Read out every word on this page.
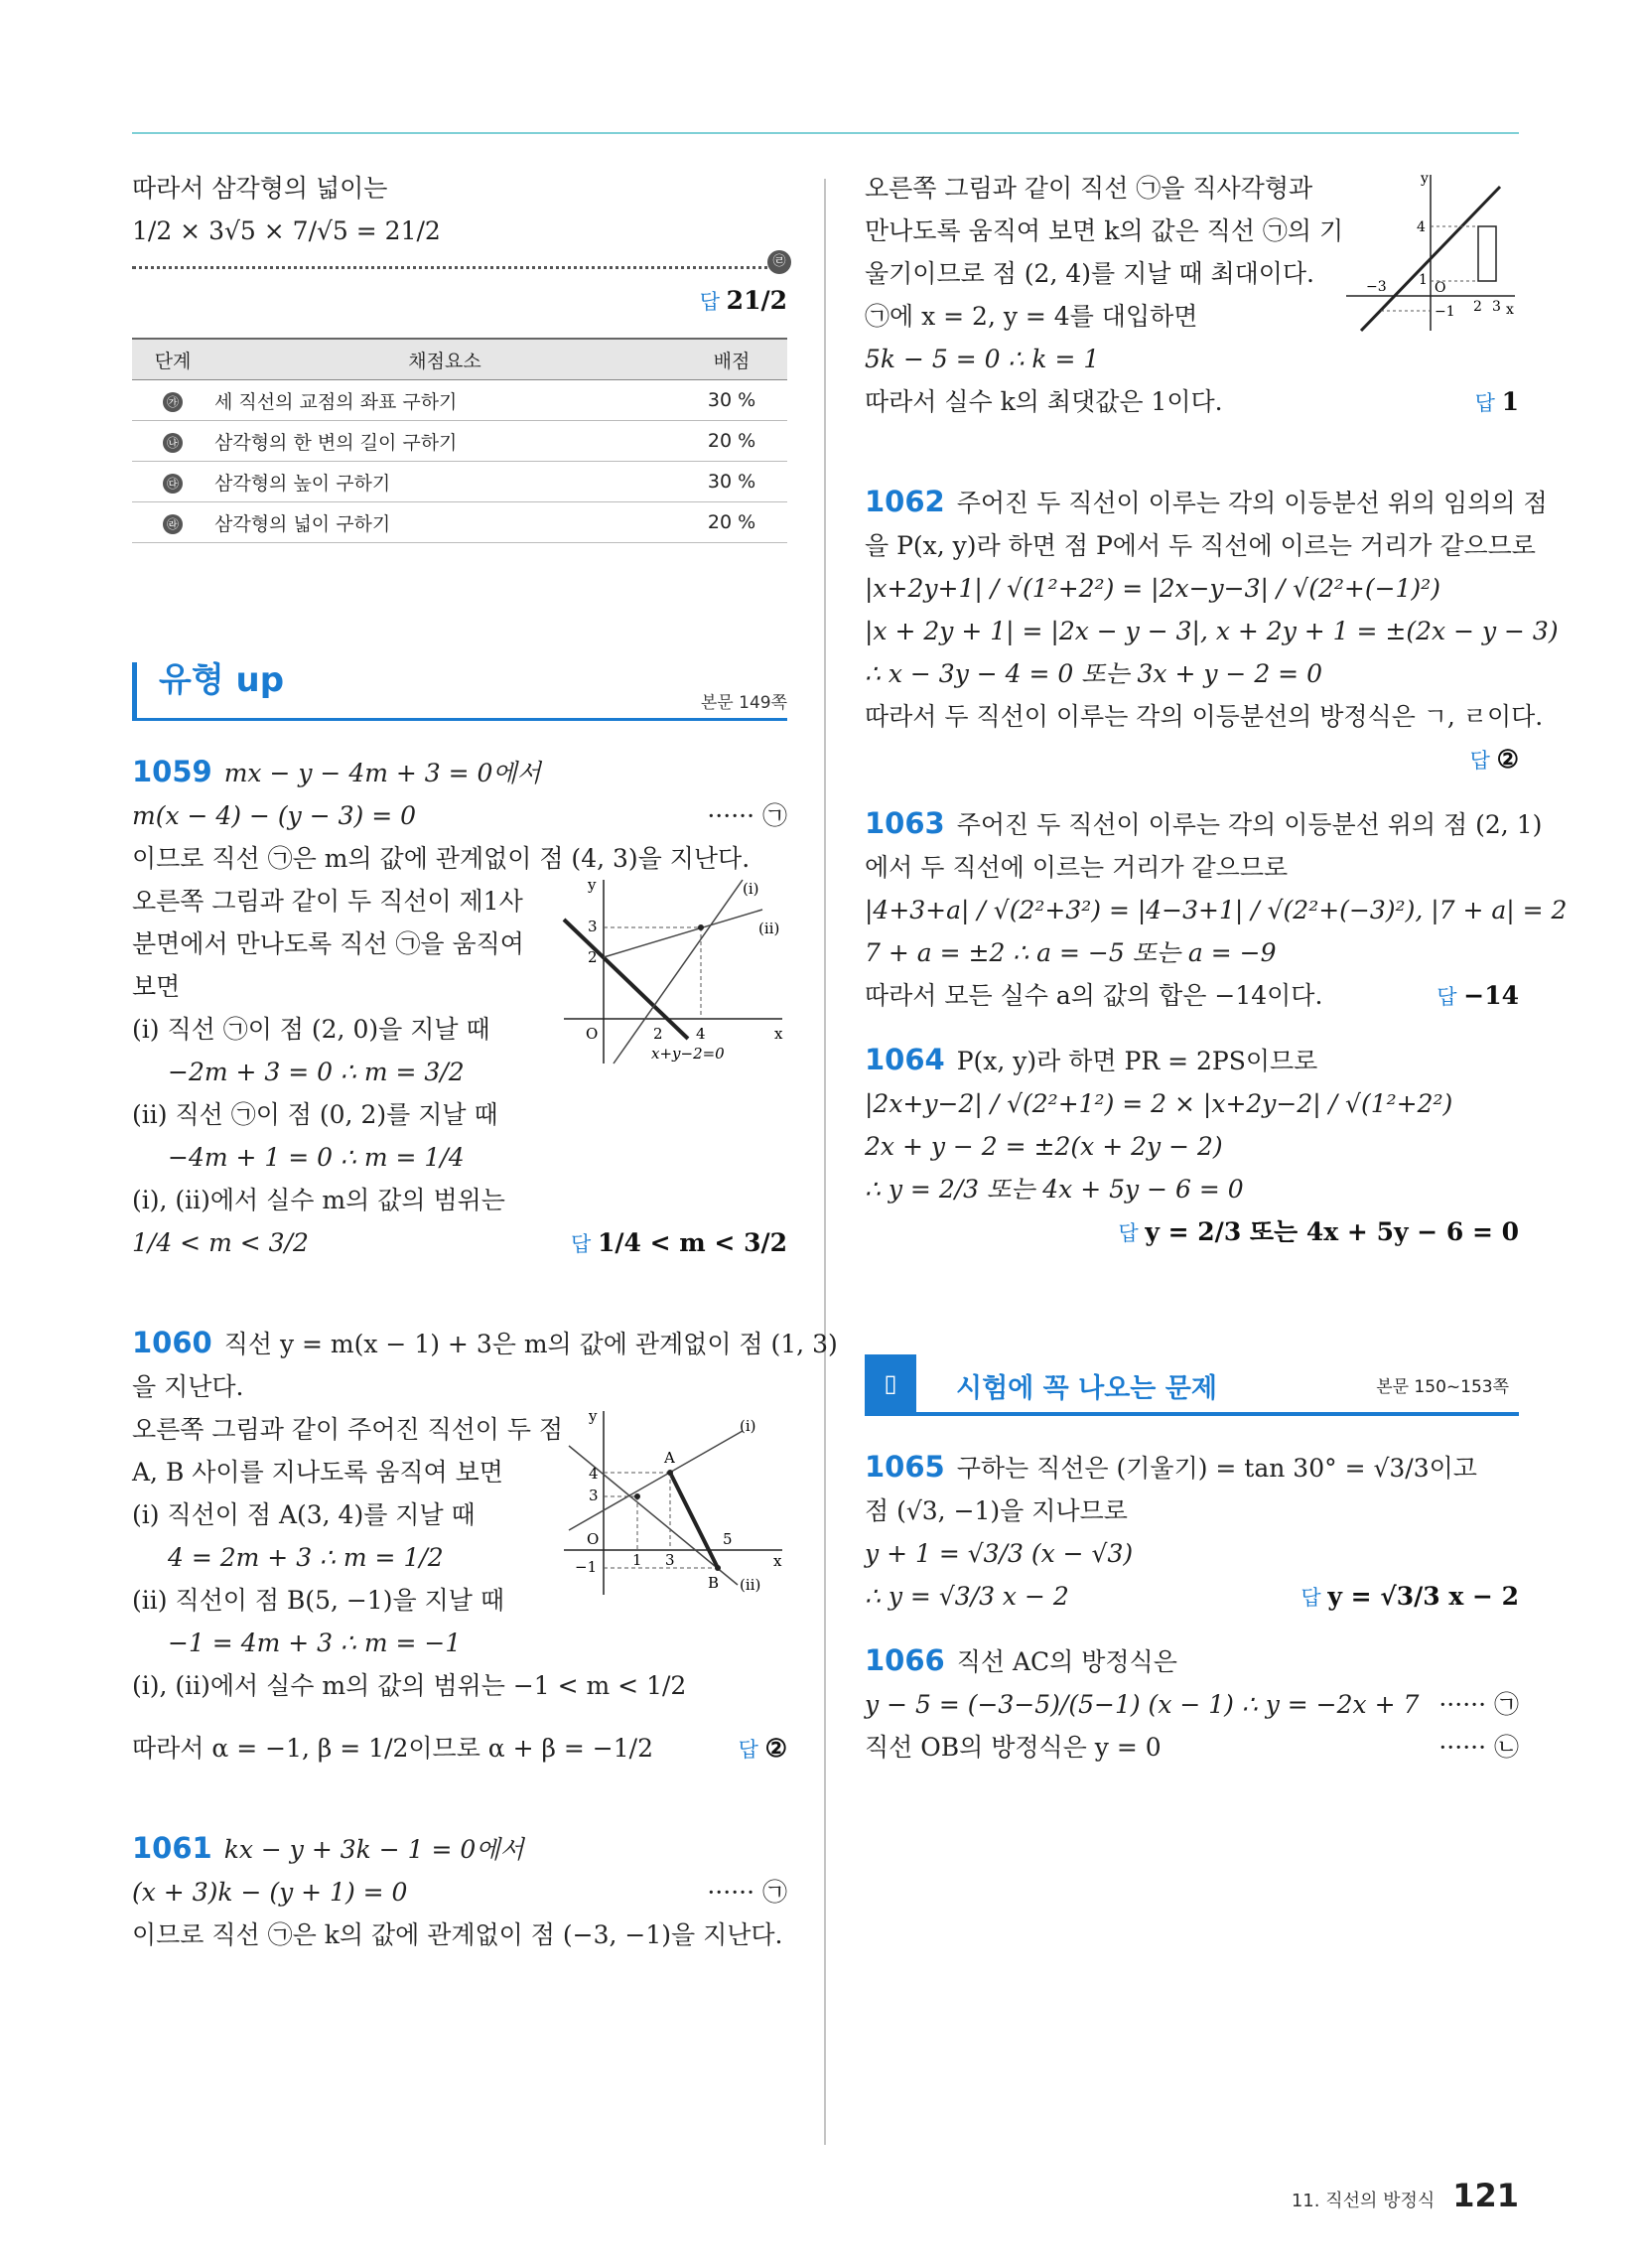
따라서 삼각형의 넓이는
1/2 × 3√5 × 7/√5 = 21/2
㉣
답 21/2
단계	채점요소	배점
㉮	세 직선의 교점의 좌표 구하기	30 %
㉯	삼각형의 한 변의 길이 구하기	20 %
㉰	삼각형의 높이 구하기	30 %
㉱	삼각형의 넓이 구하기	20 %
유형 up
본문 149쪽
1059 mx − y − 4m + 3 = 0에서
m(x − 4) − (y − 3) = 0	······ ㉠
이므로 직선 ㉠은 m의 값에 관계없이 점 (4, 3)을 지난다.
오른쪽 그림과 같이 두 직선이 제1사
분면에서 만나도록 직선 ㉠을 움직여
보면
(ⅰ) 직선 ㉠이 점 (2, 0)을 지날 때
−2m + 3 = 0 ∴ m = 3/2
(ⅱ) 직선 ㉠이 점 (0, 2)를 지날 때
−4m + 1 = 0 ∴ m = 1/4
(ⅰ), (ⅱ)에서 실수 m의 값의 범위는
1/4 < m < 3/2	답 1/4 < m < 3/2
y
x
O
2
3
2 4
(ⅰ)
(ⅱ)
x+y−2=0
1060 직선 y = m(x − 1) + 3은 m의 값에 관계없이 점 (1, 3)
을 지난다.
오른쪽 그림과 같이 주어진 직선이 두 점
A, B 사이를 지나도록 움직여 보면
(ⅰ) 직선이 점 A(3, 4)를 지날 때
4 = 2m + 3 ∴ m = 1/2
(ⅱ) 직선이 점 B(5, −1)을 지날 때
−1 = 4m + 3 ∴ m = −1
(ⅰ), (ⅱ)에서 실수 m의 값의 범위는 −1 < m < 1/2
따라서 α = −1, β = 1/2이므로 α + β = −1/2	답 ②
y
x
O
A
B
4
3
1 3
5
−1
(ⅰ)
(ⅱ)
1061 kx − y + 3k − 1 = 0에서
(x + 3)k − (y + 1) = 0	······ ㉠
이므로 직선 ㉠은 k의 값에 관계없이 점 (−3, −1)을 지난다.
오른쪽 그림과 같이 직선 ㉠을 직사각형과
만나도록 움직여 보면 k의 값은 직선 ㉠의 기
울기이므로 점 (2, 4)를 지날 때 최대이다.
㉠에 x = 2, y = 4를 대입하면
5k − 5 = 0 ∴ k = 1
따라서 실수 k의 최댓값은 1이다.	답 1
y
x
O
4
1
−3
−1 2 3
1062 주어진 두 직선이 이루는 각의 이등분선 위의 임의의 점
을 P(x, y)라 하면 점 P에서 두 직선에 이르는 거리가 같으므로
|x+2y+1| / √(1²+2²) = |2x−y−3| / √(2²+(−1)²)
|x + 2y + 1| = |2x − y − 3|, x + 2y + 1 = ±(2x − y − 3)
∴ x − 3y − 4 = 0 또는 3x + y − 2 = 0
따라서 두 직선이 이루는 각의 이등분선의 방정식은 ㄱ, ㄹ이다.
답 ②
1063 주어진 두 직선이 이루는 각의 이등분선 위의 점 (2, 1)
에서 두 직선에 이르는 거리가 같으므로
|4+3+a| / √(2²+3²) = |4−3+1| / √(2²+(−3)²), |7 + a| = 2
7 + a = ±2 ∴ a = −5 또는 a = −9
따라서 모든 실수 a의 값의 합은 −14이다.	답 −14
1064 P(x, y)라 하면 PR = 2PS이므로
|2x+y−2| / √(2²+1²) = 2 × |x+2y−2| / √(1²+2²)
2x + y − 2 = ±2(x + 2y − 2)
∴ y = 2/3 또는 4x + 5y − 6 = 0
답 y = 2/3 또는 4x + 5y − 6 = 0
▯	시험에 꼭 나오는 문제	본문 150~153쪽
1065 구하는 직선은 (기울기) = tan 30° = √3/3이고
점 (√3, −1)을 지나므로
y + 1 = √3/3 (x − √3)
∴ y = √3/3 x − 2	답 y = √3/3 x − 2
1066 직선 AC의 방정식은
y − 5 = (−3−5)/(5−1) (x − 1) ∴ y = −2x + 7 ······ ㉠
직선 OB의 방정식은 y = 0	······ ㉡
11. 직선의 방정식 121
